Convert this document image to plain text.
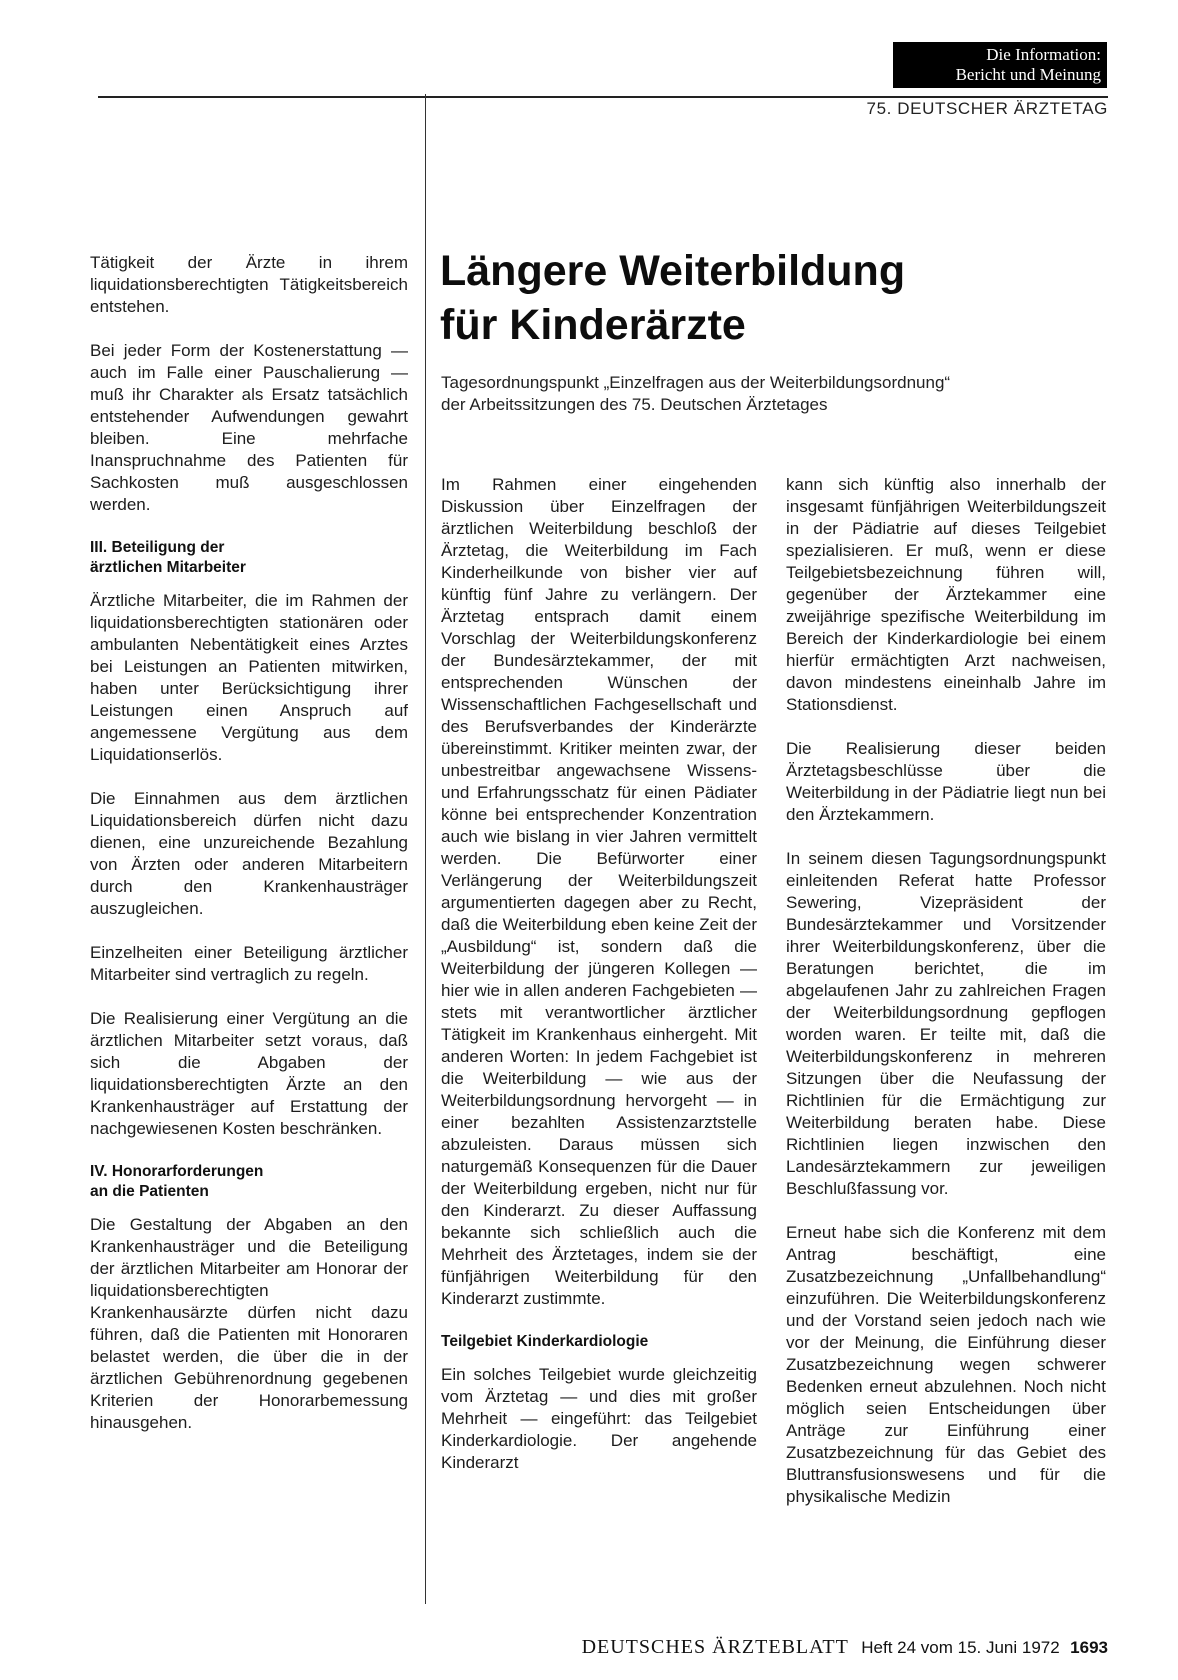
Die Information:
Bericht und Meinung
75. DEUTSCHER ÄRZTETAG

Tätigkeit der Ärzte in ihrem liquidationsberechtigten Tätigkeitsbereich entstehen.

Bei jeder Form der Kostenerstattung — auch im Falle einer Pauschalierung — muß ihr Charakter als Ersatz tatsächlich entstehender Aufwendungen gewahrt bleiben. Eine mehrfache Inanspruchnahme des Patienten für Sachkosten muß ausgeschlossen werden.

III. Beteiligung der
ärztlichen Mitarbeiter

Ärztliche Mitarbeiter, die im Rahmen der liquidationsberechtigten stationären oder ambulanten Nebentätigkeit eines Arztes bei Leistungen an Patienten mitwirken, haben unter Berücksichtigung ihrer Leistungen einen Anspruch auf angemessene Vergütung aus dem Liquidationserlös.

Die Einnahmen aus dem ärztlichen Liquidationsbereich dürfen nicht dazu dienen, eine unzureichende Bezahlung von Ärzten oder anderen Mitarbeitern durch den Krankenhausträger auszugleichen.

Einzelheiten einer Beteiligung ärztlicher Mitarbeiter sind vertraglich zu regeln.

Die Realisierung einer Vergütung an die ärztlichen Mitarbeiter setzt voraus, daß sich die Abgaben der liquidationsberechtigten Ärzte an den Krankenhausträger auf Erstattung der nachgewiesenen Kosten beschränken.

IV. Honorarforderungen
an die Patienten

Die Gestaltung der Abgaben an den Krankenhausträger und die Beteiligung der ärztlichen Mitarbeiter am Honorar der liquidationsberechtigten Krankenhausärzte dürfen nicht dazu führen, daß die Patienten mit Honoraren belastet werden, die über die in der ärztlichen Gebührenordnung gegebenen Kriterien der Honorarbemessung hinausgehen.

Längere Weiterbildung
für Kinderärzte
Tagesordnungspunkt „Einzelfragen aus der Weiterbildungsordnung“
der Arbeitssitzungen des 75. Deutschen Ärztetages

Im Rahmen einer eingehenden Diskussion über Einzelfragen der ärztlichen Weiterbildung beschloß der Ärztetag, die Weiterbildung im Fach Kinderheilkunde von bisher vier auf künftig fünf Jahre zu verlängern. Der Ärztetag entsprach damit einem Vorschlag der Weiterbildungskonferenz der Bundesärztekammer, der mit entsprechenden Wünschen der Wissenschaftlichen Fachgesellschaft und des Berufsverbandes der Kinderärzte übereinstimmt. Kritiker meinten zwar, der unbestreitbar angewachsene Wissens- und Erfahrungsschatz für einen Pädiater könne bei entsprechender Konzentration auch wie bislang in vier Jahren vermittelt werden. Die Befürworter einer Verlängerung der Weiterbildungszeit argumentierten dagegen aber zu Recht, daß die Weiterbildung eben keine Zeit der „Ausbildung“ ist, sondern daß die Weiterbildung der jüngeren Kollegen — hier wie in allen anderen Fachgebieten — stets mit verantwortlicher ärztlicher Tätigkeit im Krankenhaus einhergeht. Mit anderen Worten: In jedem Fachgebiet ist die Weiterbildung — wie aus der Weiterbildungsordnung hervorgeht — in einer bezahlten Assistenzarztstelle abzuleisten. Daraus müssen sich naturgemäß Konsequenzen für die Dauer der Weiterbildung ergeben, nicht nur für den Kinderarzt. Zu dieser Auffassung bekannte sich schließlich auch die Mehrheit des Ärztetages, indem sie der fünfjährigen Weiterbildung für den Kinderarzt zustimmte.

Teilgebiet Kinderkardiologie

Ein solches Teilgebiet wurde gleichzeitig vom Ärztetag — und dies mit großer Mehrheit — eingeführt: das Teilgebiet Kinderkardiologie. Der angehende Kinderarzt

kann sich künftig also innerhalb der insgesamt fünfjährigen Weiterbildungszeit in der Pädiatrie auf dieses Teilgebiet spezialisieren. Er muß, wenn er diese Teilgebietsbezeichnung führen will, gegenüber der Ärztekammer eine zweijährige spezifische Weiterbildung im Bereich der Kinderkardiologie bei einem hierfür ermächtigten Arzt nachweisen, davon mindestens eineinhalb Jahre im Stationsdienst.

Die Realisierung dieser beiden Ärztetagsbeschlüsse über die Weiterbildung in der Pädiatrie liegt nun bei den Ärztekammern.

In seinem diesen Tagungsordnungspunkt einleitenden Referat hatte Professor Sewering, Vizepräsident der Bundesärztekammer und Vorsitzender ihrer Weiterbildungskonferenz, über die Beratungen berichtet, die im abgelaufenen Jahr zu zahlreichen Fragen der Weiterbildungsordnung gepflogen worden waren. Er teilte mit, daß die Weiterbildungskonferenz in mehreren Sitzungen über die Neufassung der Richtlinien für die Ermächtigung zur Weiterbildung beraten habe. Diese Richtlinien liegen inzwischen den Landesärztekammern zur jeweiligen Beschlußfassung vor.

Erneut habe sich die Konferenz mit dem Antrag beschäftigt, eine Zusatzbezeichnung „Unfallbehandlung“ einzuführen. Die Weiterbildungskonferenz und der Vorstand seien jedoch nach wie vor der Meinung, die Einführung dieser Zusatzbezeichnung wegen schwerer Bedenken erneut abzulehnen. Noch nicht möglich seien Entscheidungen über Anträge zur Einführung einer Zusatzbezeichnung für das Gebiet des Bluttransfusionswesens und für die physikalische Medizin

DEUTSCHES ÄRZTEBLATT Heft 24 vom 15. Juni 1972 1693
